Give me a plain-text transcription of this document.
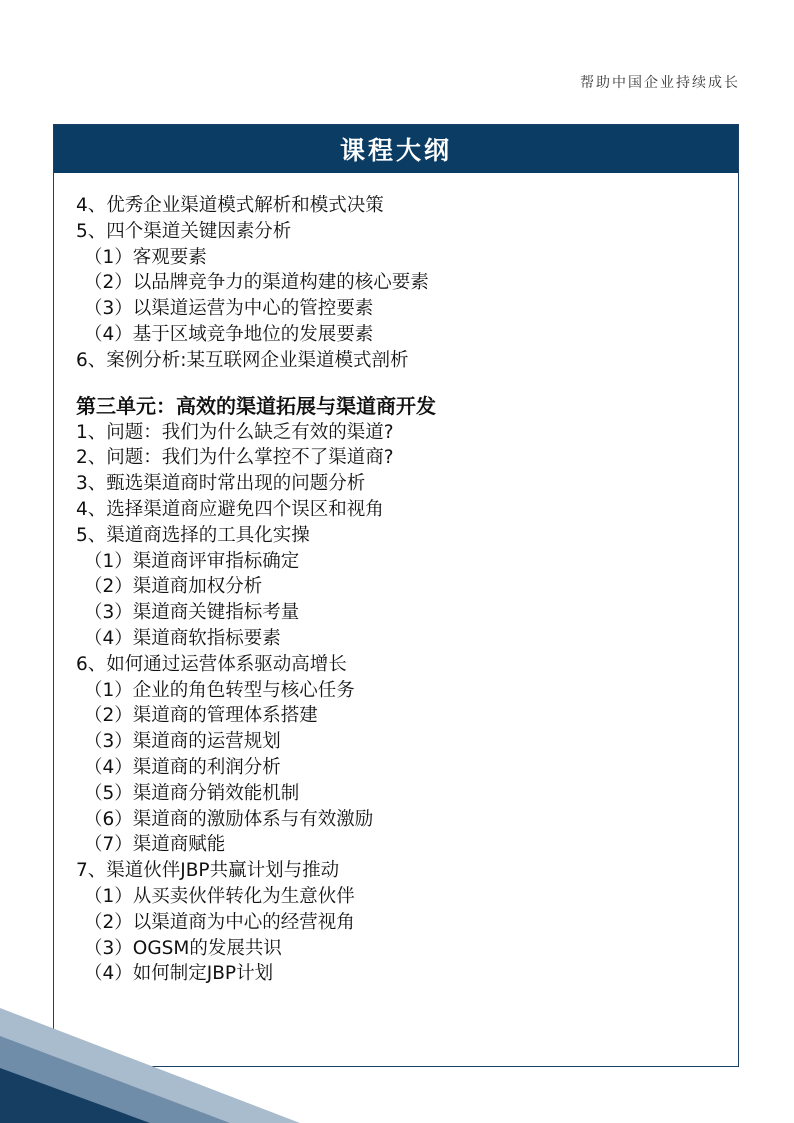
帮助中国企业持续成长
课程大纲
4、优秀企业渠道模式解析和模式决策
5、四个渠道关键因素分析
（1）客观要素
（2）以品牌竞争力的渠道构建的核心要素
（3）以渠道运营为中心的管控要素
（4）基于区域竞争地位的发展要素
6、案例分析:某互联网企业渠道模式剖析
第三单元：高效的渠道拓展与渠道商开发
1、问题：我们为什么缺乏有效的渠道?
2、问题：我们为什么掌控不了渠道商?
3、甄选渠道商时常出现的问题分析
4、选择渠道商应避免四个误区和视角
5、渠道商选择的工具化实操
（1）渠道商评审指标确定
（2）渠道商加权分析
（3）渠道商关键指标考量
（4）渠道商软指标要素
6、如何通过运营体系驱动高增长
（1）企业的角色转型与核心任务
（2）渠道商的管理体系搭建
（3）渠道商的运营规划
（4）渠道商的利润分析
（5）渠道商分销效能机制
（6）渠道商的激励体系与有效激励
（7）渠道商赋能
7、渠道伙伴JBP共赢计划与推动
（1）从买卖伙伴转化为生意伙伴
（2）以渠道商为中心的经营视角
（3）OGSM的发展共识
（4）如何制定JBP计划
